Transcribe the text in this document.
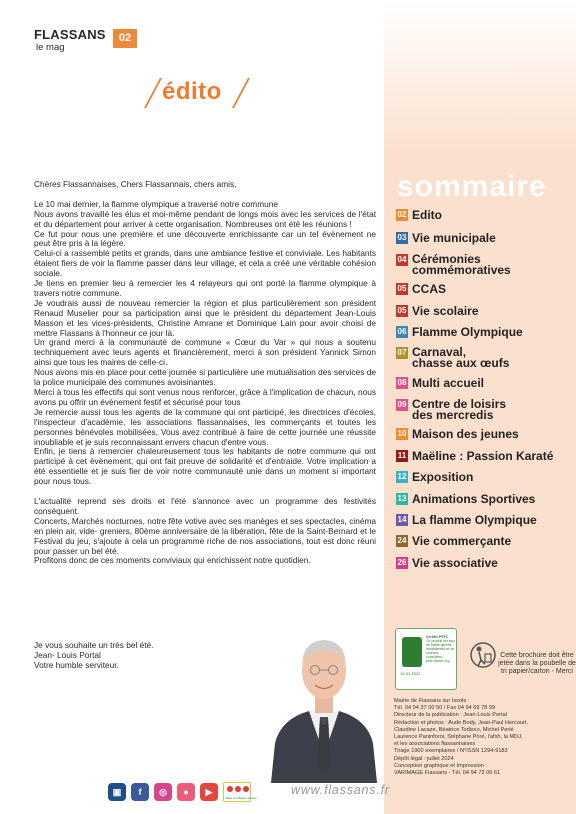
FLASSANS
le mag
02
édito

Chères Flassannaises, Chers Flassannais, chers amis,

Le 10 mai dernier, la flamme olympique a traversé notre commune

Nous avons travaillé les élus et moi-même pendant de longs mois avec les services de l'état et du département pour arriver à cette organisation. Nombreuses ont été les réunions !

Ce fut pour nous une première et une découverte enrichissante car un tel évènement ne peut être pris à la légère.

Celui-ci a rassemblé petits et grands, dans une ambiance festive et conviviale. Les habitants étaient fiers de voir la flamme passer dans leur village, et cela a créé une véritable cohésion sociale.

Je tiens en premier lieu à remercier les 4 relayeurs qui ont porté la flamme olympique à travers notre commune.

Je voudrais aussi de nouveau remercier la région et plus particulièrement son président Renaud Muselier pour sa participation ainsi que le président du département Jean-Louis Masson et les vices-présidents, Christine Amrane et Dominique Lain pour avoir choisi de mettre Flassans à l'honneur ce jour là.

Un grand merci à la communauté de commune « Cœur du Var » qui nous a soutenu techniquement avec leurs agents et financièrement, merci à son président Yannick Simon ainsi que tous les maires de celle-ci.

Nous avons mis en place pour cette journée si particulière une mutualisation des services de la police municipale des communes avoisinantes.

Merci à tous les effectifs qui sont venus nous renforcer, grâce à l'implication de chacun, nous avons pu offrir un évènement festif et sécurisé pour tous

Je remercie aussi tous les agents de la commune qui ont participé, les directrices d'écoles, l'inspecteur d'académie, les associations flassannaises, les commerçants et toutes les personnes bénévoles mobilisées, Vous avez contribué à faire de cette journée une réussite inoubliable et je suis reconnaissant envers chacun d'entre vous.

Enfin, je tiens à remercier chaleureusement tous les habitants de notre commune qui ont participé à cet évènement, qui ont fait preuve de solidarité et d'entraide. Votre implication a été essentielle et je suis fier de voir notre communauté unie dans un moment si important pour nous tous.

L'actualité reprend ses droits et l'été s'annonce avec un programme des festivités conséquent.

Concerts, Marchés nocturnes, notre fête votive avec ses manèges et ses spectacles, cinéma en plein air, vide- greniers, 80ème anniversaire de la libération, fête de la Saint-Bernard et le Festival du jeu, s'ajoute à cela un programme riche de nos associations, tout est donc réuni pour passer un bel été.

Profitons donc de ces moments conviviaux qui enrichissent notre quotidien.

Je vous souhaite un très bel été.

Jean- Louis Portal

Votre humble serviteur.

sommaire
02 Edito
03 Vie municipale
04 Cérémonies
commémoratives
05 CCAS
05 Vie scolaire
06 Flamme Olympique
07 Carnaval,
chasse aux œufs
08 Multi accueil
09 Centre de loisirs
des mercredis
10 Maison des jeunes
11 Maëline : Passion Karaté
12 Exposition
13 Animations Sportives
14 La flamme Olympique
24 Vie commerçante
26 Vie associative
Certifié PEFC
Ce produit est issu de forêts gérées durablement et de sources contrôlées.
pefc-france.org
10-31-1922
Cette brochure doit être jetée dans la poubelle de tri papier/carton - Merci
Mairie de Flassans sur Issole :
Tél. 04 94 37 00 50 / Fax 04 94 69 78 99
Directeur de la publication : Jean-Louis Portal
Rédaction et photos : Aude Body, Jean-Paul Hercourt,
Claudine Lacaze, Béatrice Todisco, Michel Perié
Laurence Paninforni, Stéphane Poré, l'afsh, la MDJ,
et les associations flassannaises
Tirage 1900 exemplaires / N°ISSN 1294-9183
Dépôt légal : juillet 2024
Conception graphique et Impression :
VARIMAGE Flassans - Tél. 04 94 72 06 61
▣	f	◎	●	▶
Villes et Villages Fleuris
www.flassans.fr
